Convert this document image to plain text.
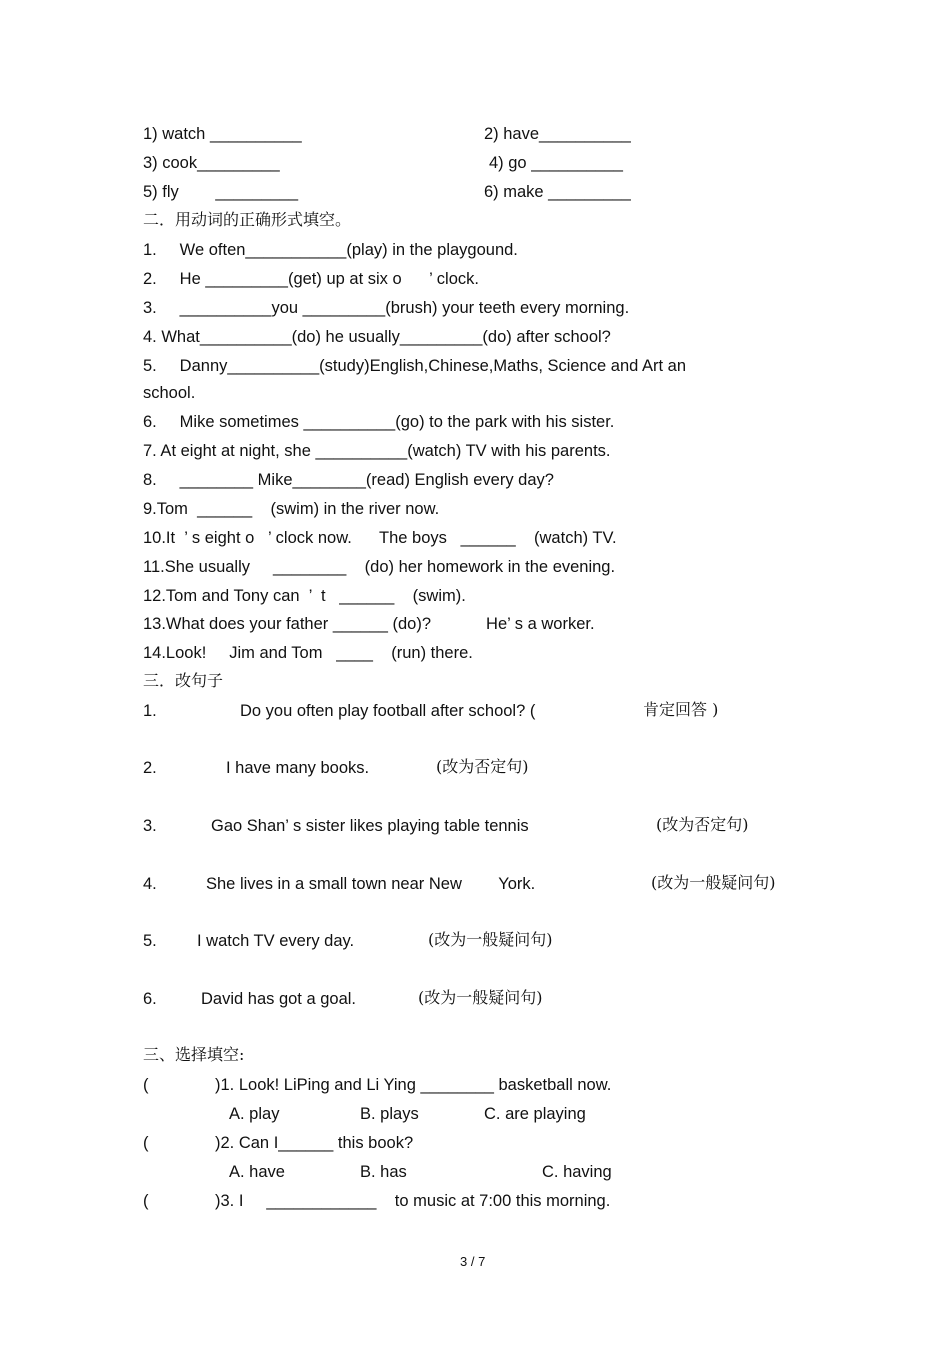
1) watch __________	2) have__________
3) cook_________	4) go __________
5) fly        _________	6) make _________
二．用动词的正确形式填空。
1.     We often___________(play) in the playgound.
2.     He _________(get) up at six o      ’ clock.
3.     __________you _________(brush) your teeth every morning.
4. What__________(do) he usually_________(do) after school?
5.     Danny__________(study)English,Chinese,Maths, Science and Art an
school.
6.     Mike sometimes __________(go) to the park with his sister.
7. At eight at night, she __________(watch) TV with his parents.
8.     ________ Mike________(read) English every day?
9.Tom  ______    (swim) in the river now.
10.It  ’ s eight o   ’ clock now.      The boys   ______    (watch) TV.
11.She usually     ________    (do) her homework in the evening.
12.Tom and Tony can  ’  t   ______    (swim).
13.What does your father ______ (do)?            He’ s a worker.
14.Look!     Jim and Tom   ____    (run) there.
三．改句子
1.	Do you often play football after school? (	肯定回答 )
2.	I have many books.	(改为否定句)
3.	Gao Shan’ s sister likes playing table tennis	(改为否定句)
4.	She lives in a small town near New        York.	(改为一般疑问句)
5. I watch TV every day.	(改为一般疑问句)
6.	David has got a goal.	(改为一般疑问句)
三、选择填空:
(	)1. Look! LiPing and Li Ying ________ basketball now.
A. play	B. plays	C. are playing
(	)2. Can I______ this book?
A. have	B. has	C. having
(	)3. I     ____________    to music at 7:00 this morning.
3 / 7
